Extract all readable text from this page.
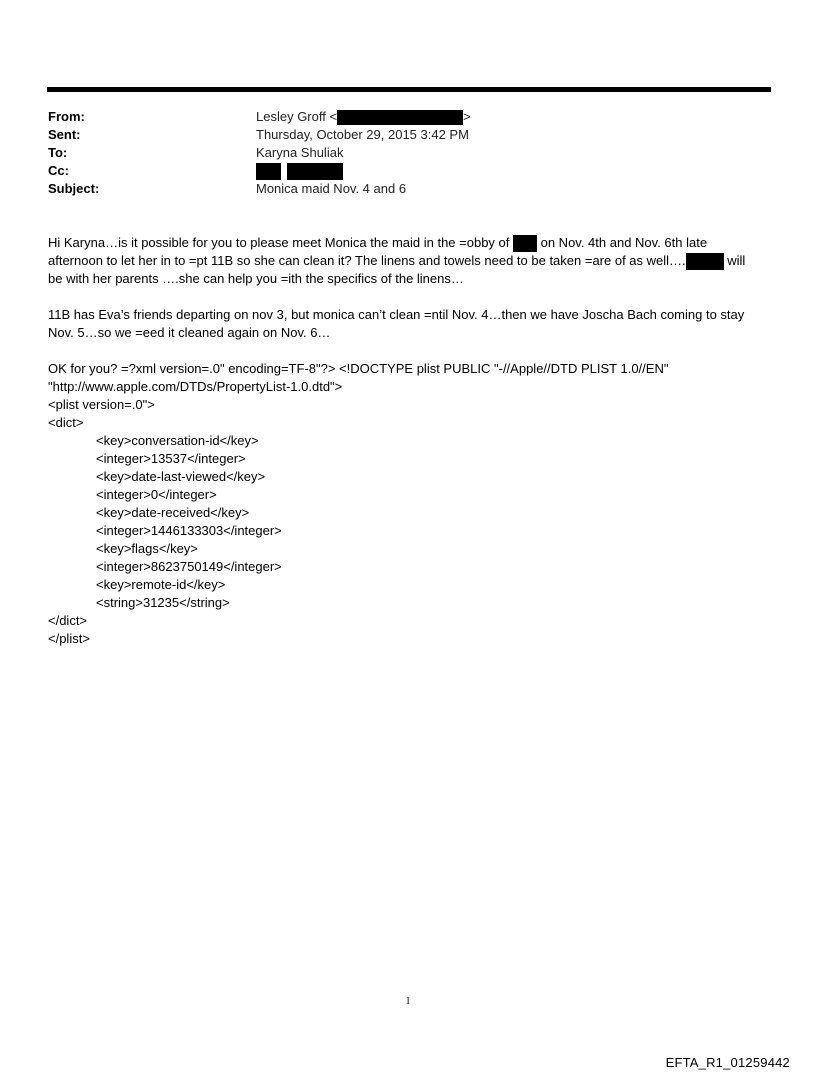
From:	Lesley Groff <	>
Sent:	Thursday, October 29, 2015 3:42 PM
To:	Karyna Shuliak
Cc:

Subject:	Monica maid Nov. 4 and 6
Hi Karyna…is it possible for you to please meet Monica the maid in the =obby of  on Nov. 4th and Nov. 6th late
afternoon to let her in to =pt 11B so she can clean it? The linens and towels need to be taken =are of as well….	will
be with her parents ….she can help you =ith the specifics of the linens…
11B has Eva’s friends departing on nov 3, but monica can’t clean =ntil Nov. 4…then we have Joscha Bach coming to stay
Nov. 5…so we =eed it cleaned again on Nov. 6…
OK for you? =?xml version=.0" encoding=TF-8"?> <!DOCTYPE plist PUBLIC "-//Apple//DTD PLIST 1.0//EN"
"http://www.apple.com/DTDs/PropertyList-1.0.dtd">
<plist version=.0">
<dict>
<key>conversation-id</key>
<integer>13537</integer>
<key>date-last-viewed</key>
<integer>0</integer>
<key>date-received</key>
<integer>1446133303</integer>
<key>flags</key>
<integer>8623750149</integer>
<key>remote-id</key>
<string>31235</string>
</dict>
</plist>
1
EFTA_R1_01259442
